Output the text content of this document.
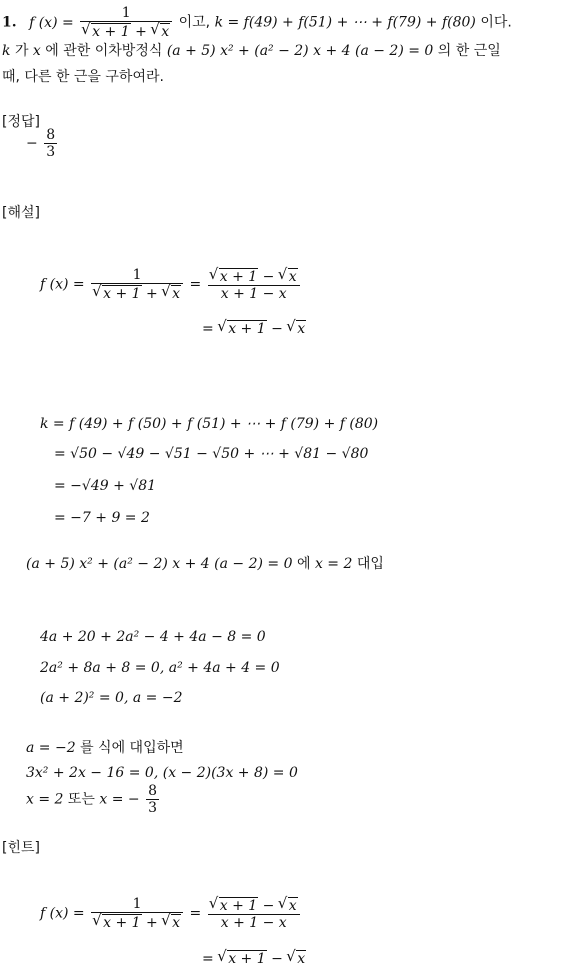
1. f (x) = 1
√ x + 1 + √ x 이고, k = f(49) + f(51) + ⋯ + f(79) + f(80) 이다.
k 가 x 에 관한 이차방정식 (a + 5) x² + (a² − 2) x + 4 (a − 2) = 0 의 한 근일
때, 다른 한 근을 구하여라.
[정답]
− $\frac{8}{3}$
[해설]
f (x) = 1
√ x + 1 + √ x = √ $\frac{x + 1 - √ x}{x + 1 - x}$
= √ x + 1 − √ x
k = f (49) + f (50) + f (51) + ⋯ + f (79) + f (80)
= √50 − √49 − √51 − √50 + ⋯ + √81 − √80
= −√49 + √81
= −7 + 9 = 2
(a + 5) x² + (a² − 2) x + 4 (a − 2) = 0 에 x = 2 대입
4a + 20 + 2a² − 4 + 4a − 8 = 0
2a² + 8a + 8 = 0, a² + 4a + 4 = 0
(a + 2)² = 0, a = −2
a = −2 를 식에 대입하면
3x² + 2x − 16 = 0, (x − 2)(3x + 8) = 0
x = 2 또는 x = − $\frac{8}{3}$
[힌트]
f (x) = 1
√ x + 1 + √ x = √ $\frac{x + 1 - √ x}{x + 1 - x}$
= √ x + 1 − √ x
